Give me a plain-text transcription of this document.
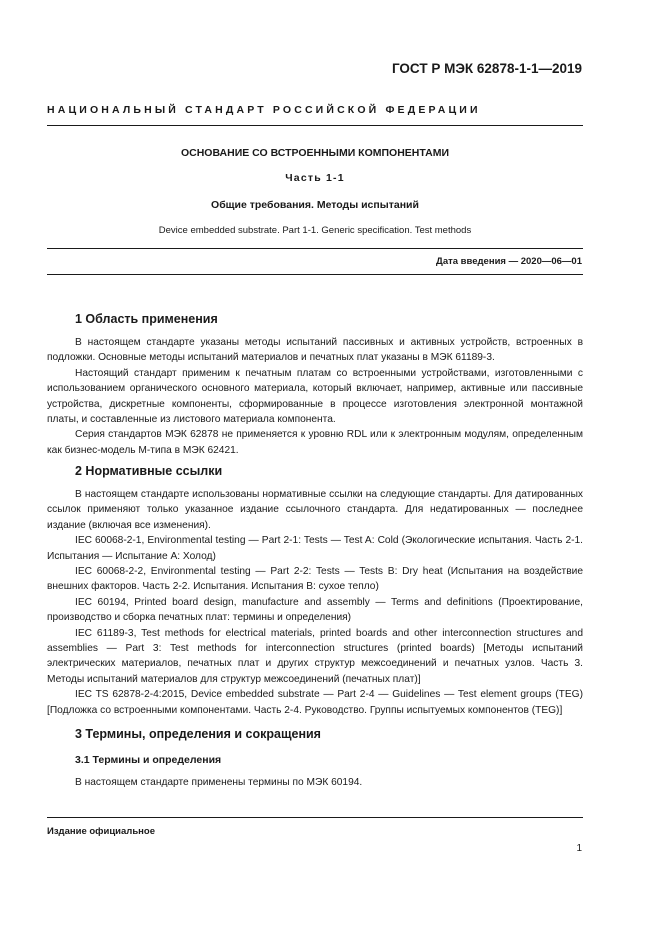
ГОСТ Р МЭК 62878-1-1—2019
НАЦИОНАЛЬНЫЙ СТАНДАРТ РОССИЙСКОЙ ФЕДЕРАЦИИ
ОСНОВАНИЕ СО ВСТРОЕННЫМИ КОМПОНЕНТАМИ
Часть 1-1
Общие требования. Методы испытаний
Device embedded substrate. Part 1-1. Generic specification. Test methods
Дата введения — 2020—06—01
1 Область применения

В настоящем стандарте указаны методы испытаний пассивных и активных устройств, встроенных в подложки. Основные методы испытаний материалов и печатных плат указаны в МЭК 61189-3.

Настоящий стандарт применим к печатным платам со встроенными устройствами, изготовленными с использованием органического основного материала, который включает, например, активные или пассивные устройства, дискретные компоненты, сформированные в процессе изготовления электронной монтажной платы, и составленные из листового материала компонента.

Серия стандартов МЭК 62878 не применяется к уровню RDL или к электронным модулям, определенным как бизнес-модель М-типа в МЭК 62421.

2 Нормативные ссылки

В настоящем стандарте использованы нормативные ссылки на следующие стандарты. Для датированных ссылок применяют только указанное издание ссылочного стандарта. Для недатированных — последнее издание (включая все изменения).

IEC 60068-2-1, Environmental testing — Part 2-1: Tests — Test A: Cold (Экологические испытания. Часть 2-1. Испытания — Испытание А: Холод)

IEC 60068-2-2, Environmental testing — Part 2-2: Tests — Tests B: Dry heat (Испытания на воздействие внешних факторов. Часть 2-2. Испытания. Испытания В: сухое тепло)

IEC 60194, Printed board design, manufacture and assembly — Terms and definitions (Проектирование, производство и сборка печатных плат: термины и определения)

IEC 61189-3, Test methods for electrical materials, printed boards and other interconnection structures and assemblies — Part 3: Test methods for interconnection structures (printed boards) [Методы испытаний электрических материалов, печатных плат и других структур межсоединений и печатных узлов. Часть 3. Методы испытаний материалов для структур межсоединений (печатных плат)]

IEC TS 62878-2-4:2015, Device embedded substrate — Part 2-4 — Guidelines — Test element groups (TEG) [Подложка со встроенными компонентами. Часть 2-4. Руководство. Группы испытуемых компонентов (TEG)]

3 Термины, определения и сокращения
3.1 Термины и определения

В настоящем стандарте применены термины по МЭК 60194.

Издание официальное
1
